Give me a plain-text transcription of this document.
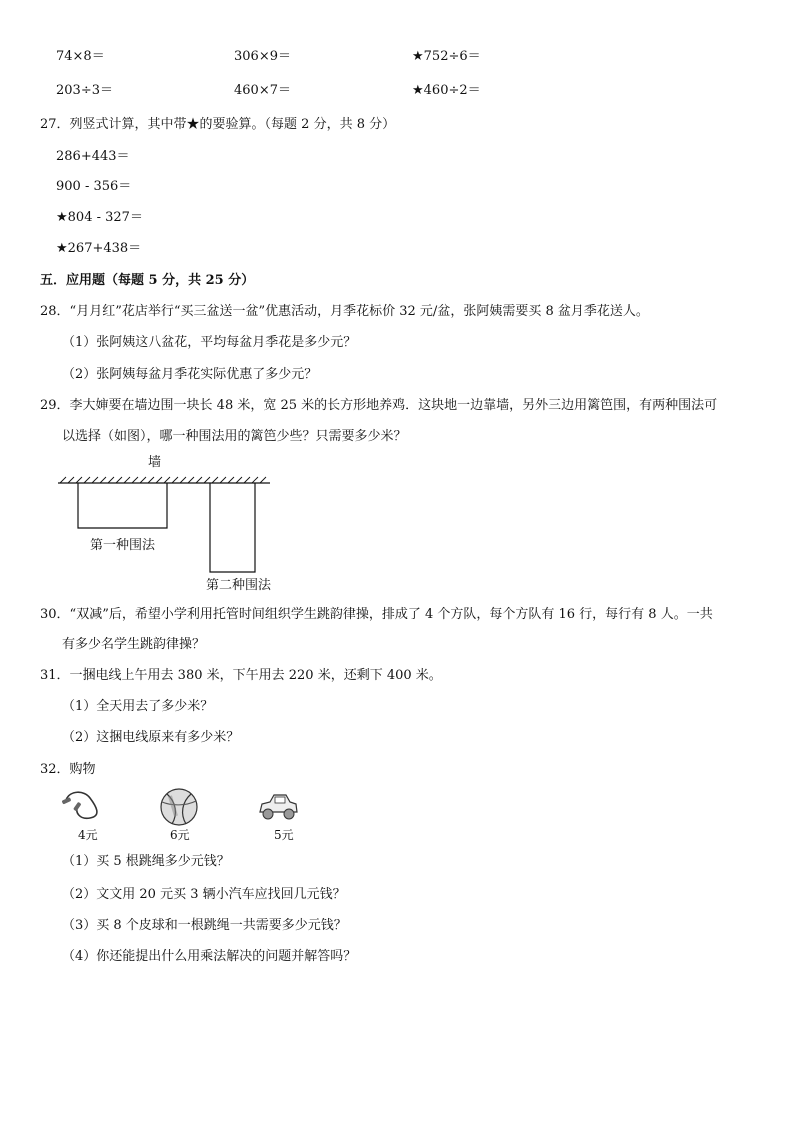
74×8＝	306×9＝	★752÷6＝
203÷3＝	460×7＝	★460÷2＝
27．列竖式计算，其中带★的要验算。（每题 2 分，共 8 分）
286+443＝
900 - 356＝
★804 - 327＝
★267+438＝
五．应用题（每题 5 分，共 25 分）
28．“月月红”花店举行“买三盆送一盆”优惠活动，月季花标价 32 元/盆，张阿姨需要买 8 盆月季花送人。
（1）张阿姨这八盆花，平均每盆月季花是多少元？
（2）张阿姨每盆月季花实际优惠了多少元？
29．李大婶要在墙边围一块长 48 米，宽 25 米的长方形地养鸡．这块地一边靠墙，另外三边用篱笆围，有两种围法可
以选择（如图），哪一种围法用的篱笆少些？只需要多少米？
墙
第一种围法
第二种围法
30．“双减”后，希望小学利用托管时间组织学生跳韵律操，排成了 4 个方队，每个方队有 16 行，每行有 8 人。一共
有多少名学生跳韵律操？
31．一捆电线上午用去 380 米，下午用去 220 米，还剩下 400 米。
（1）全天用去了多少米？
（2）这捆电线原来有多少米？
32．购物
4元	6元	5元
（1）买 5 根跳绳多少元钱？
（2）文文用 20 元买 3 辆小汽车应找回几元钱？
（3）买 8 个皮球和一根跳绳一共需要多少元钱？
（4）你还能提出什么用乘法解决的问题并解答吗？
